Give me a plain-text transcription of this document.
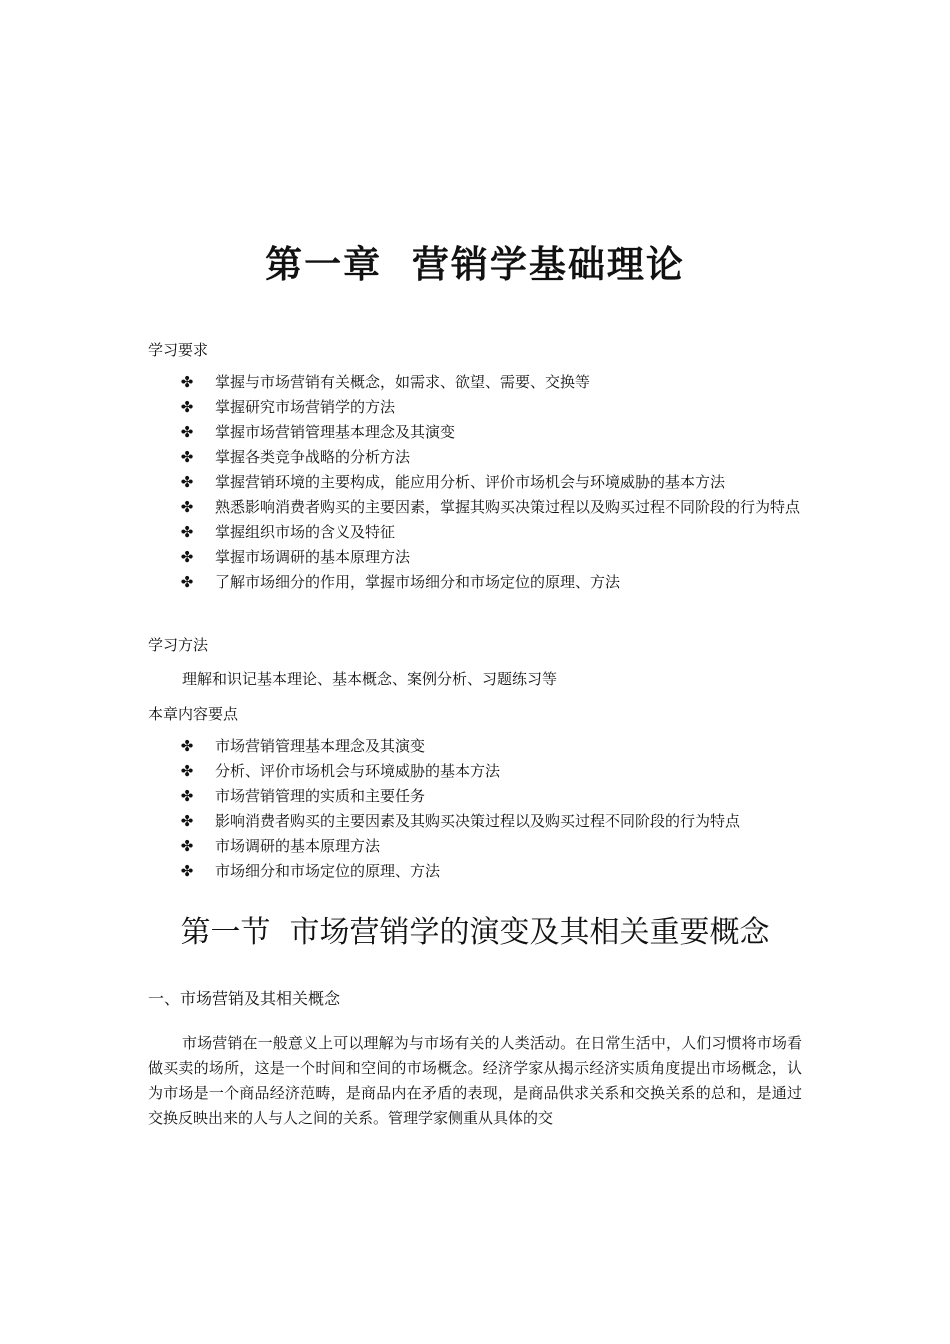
第一章  营销学基础理论
学习要求
✤ 掌握与市场营销有关概念，如需求、欲望、需要、交换等
✤ 掌握研究市场营销学的方法
✤ 掌握市场营销管理基本理念及其演变
✤ 掌握各类竞争战略的分析方法
✤ 掌握营销环境的主要构成，能应用分析、评价市场机会与环境威胁的基本方法
✤ 熟悉影响消费者购买的主要因素，掌握其购买决策过程以及购买过程不同阶段的行为特点
✤ 掌握组织市场的含义及特征
✤ 掌握市场调研的基本原理方法
✤ 了解市场细分的作用，掌握市场细分和市场定位的原理、方法
学习方法
理解和识记基本理论、基本概念、案例分析、习题练习等
本章内容要点
✤ 市场营销管理基本理念及其演变
✤ 分析、评价市场机会与环境威胁的基本方法
✤ 市场营销管理的实质和主要任务
✤ 影响消费者购买的主要因素及其购买决策过程以及购买过程不同阶段的行为特点
✤ 市场调研的基本原理方法
✤ 市场细分和市场定位的原理、方法
第一节  市场营销学的演变及其相关重要概念
一、市场营销及其相关概念

市场营销在一般意义上可以理解为与市场有关的人类活动。在日常生活中，人们习惯将市场看做买卖的场所，这是一个时间和空间的市场概念。经济学家从揭示经济实质角度提出市场概念，认为市场是一个商品经济范畴，是商品内在矛盾的表现，是商品供求关系和交换关系的总和，是通过交换反映出来的人与人之间的关系。管理学家侧重从具体的交
